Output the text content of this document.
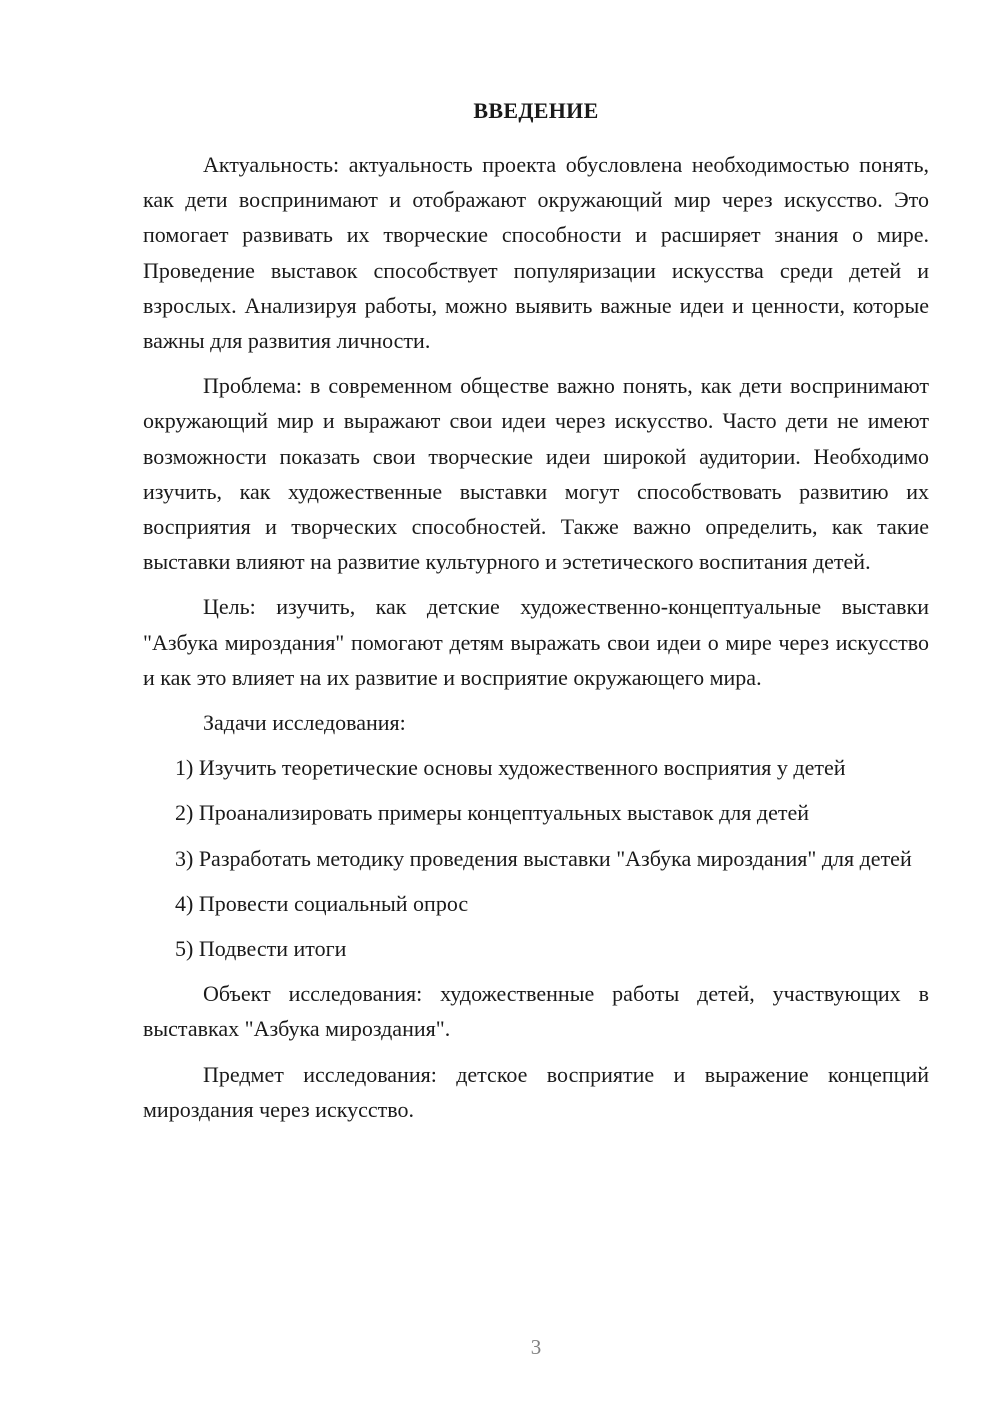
ВВЕДЕНИЕ

Актуальность: актуальность проекта обусловлена необходимостью понять, как дети воспринимают и отображают окружающий мир через искусство. Это помогает развивать их творческие способности и расширяет знания о мире. Проведение выставок способствует популяризации искусства среди детей и взрослых. Анализируя работы, можно выявить важные идеи и ценности, которые важны для развития личности.

Проблема: в современном обществе важно понять, как дети воспринимают окружающий мир и выражают свои идеи через искусство. Часто дети не имеют возможности показать свои творческие идеи широкой аудитории. Необходимо изучить, как художественные выставки могут способствовать развитию их восприятия и творческих способностей. Также важно определить, как такие выставки влияют на развитие культурного и эстетического воспитания детей.

Цель: изучить, как детские художественно-концептуальные выставки "Азбука мироздания" помогают детям выражать свои идеи о мире через искусство и как это влияет на их развитие и восприятие окружающего мира.

Задачи исследования:

1) Изучить теоретические основы художественного восприятия у детей

2) Проанализировать примеры концептуальных выставок для детей

3) Разработать методику проведения выставки "Азбука мироздания" для детей

4) Провести социальный опрос

5) Подвести итоги

Объект исследования: художественные работы детей, участвующих в выставках "Азбука мироздания".

Предмет исследования: детское восприятие и выражение концепций мироздания через искусство.

3
